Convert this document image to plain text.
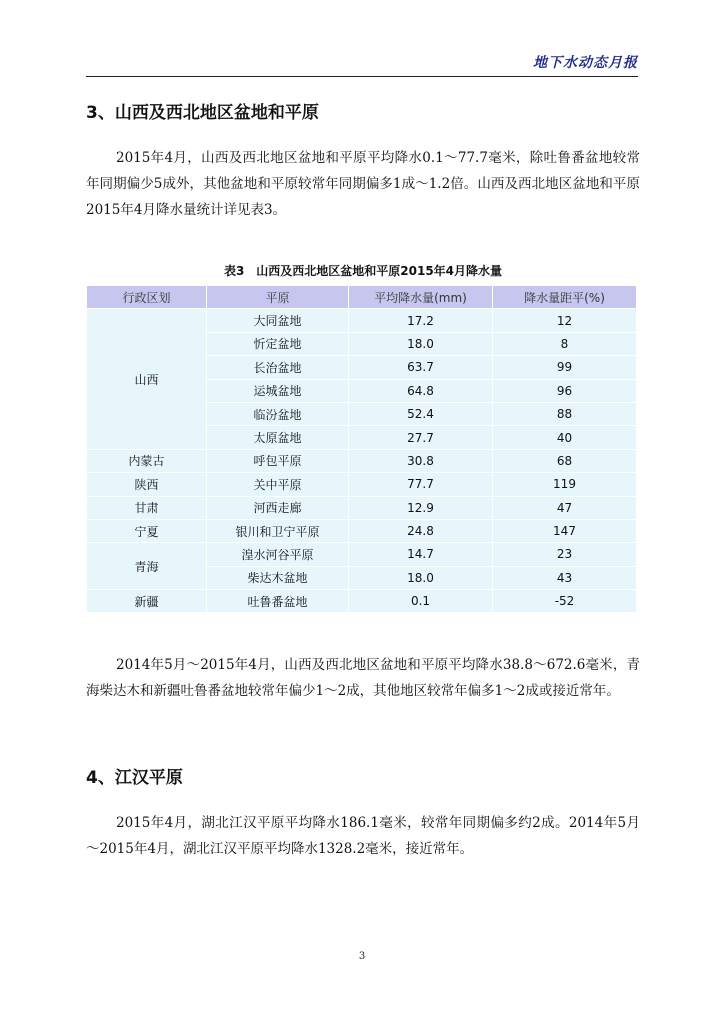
地下水动态月报
3、山西及西北地区盆地和平原
2015年4月，山西及西北地区盆地和平原平均降水0.1～77.7毫米，除吐鲁番盆地较常年同期偏少5成外，其他盆地和平原较常年同期偏多1成～1.2倍。山西及西北地区盆地和平原2015年4月降水量统计详见表3。
表3　山西及西北地区盆地和平原2015年4月降水量
行政区划	平原	平均降水量(mm)	降水量距平(%)
山西	大同盆地	17.2	12
	忻定盆地	18.0	8
	长治盆地	63.7	99
	运城盆地	64.8	96
	临汾盆地	52.4	88
	太原盆地	27.7	40
内蒙古	呼包平原	30.8	68
陕西	关中平原	77.7	119
甘肃	河西走廊	12.9	47
宁夏	银川和卫宁平原	24.8	147
青海	湟水河谷平原	14.7	23
	柴达木盆地	18.0	43
新疆	吐鲁番盆地	0.1	-52
2014年5月～2015年4月，山西及西北地区盆地和平原平均降水38.8～672.6毫米，青海柴达木和新疆吐鲁番盆地较常年偏少1～2成，其他地区较常年偏多1～2成或接近常年。
4、江汉平原
2015年4月，湖北江汉平原平均降水186.1毫米，较常年同期偏多约2成。2014年5月～2015年4月，湖北江汉平原平均降水1328.2毫米，接近常年。
3
